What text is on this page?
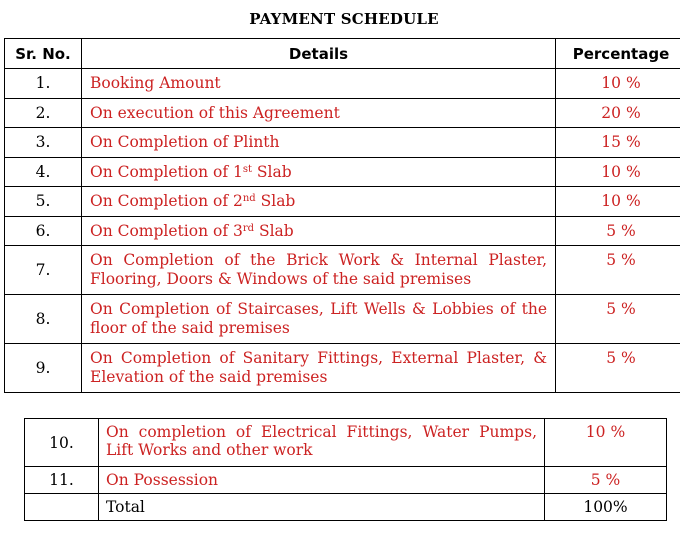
PAYMENT SCHEDULE
Sr. No.	Details	Percentage
1.	Booking Amount	10 %
2.	On execution of this Agreement	20 %
3.	On Completion of Plinth	15 %
4.	On Completion of 1st Slab	10 %
5.	On Completion of 2nd Slab	10 %
6.	On Completion of 3rd Slab	5 %
7.	On Completion of the Brick Work & Internal Plaster, Flooring, Doors & Windows of the said premises	5 %
8.	On Completion of Staircases, Lift Wells & Lobbies of the floor of the said premises	5 %
9.	On Completion of Sanitary Fittings, External Plaster, & Elevation of the said premises	5 %
10.	On completion of Electrical Fittings, Water Pumps, Lift Works and other work	10 %
11.	On Possession	5 %
	Total	100%
